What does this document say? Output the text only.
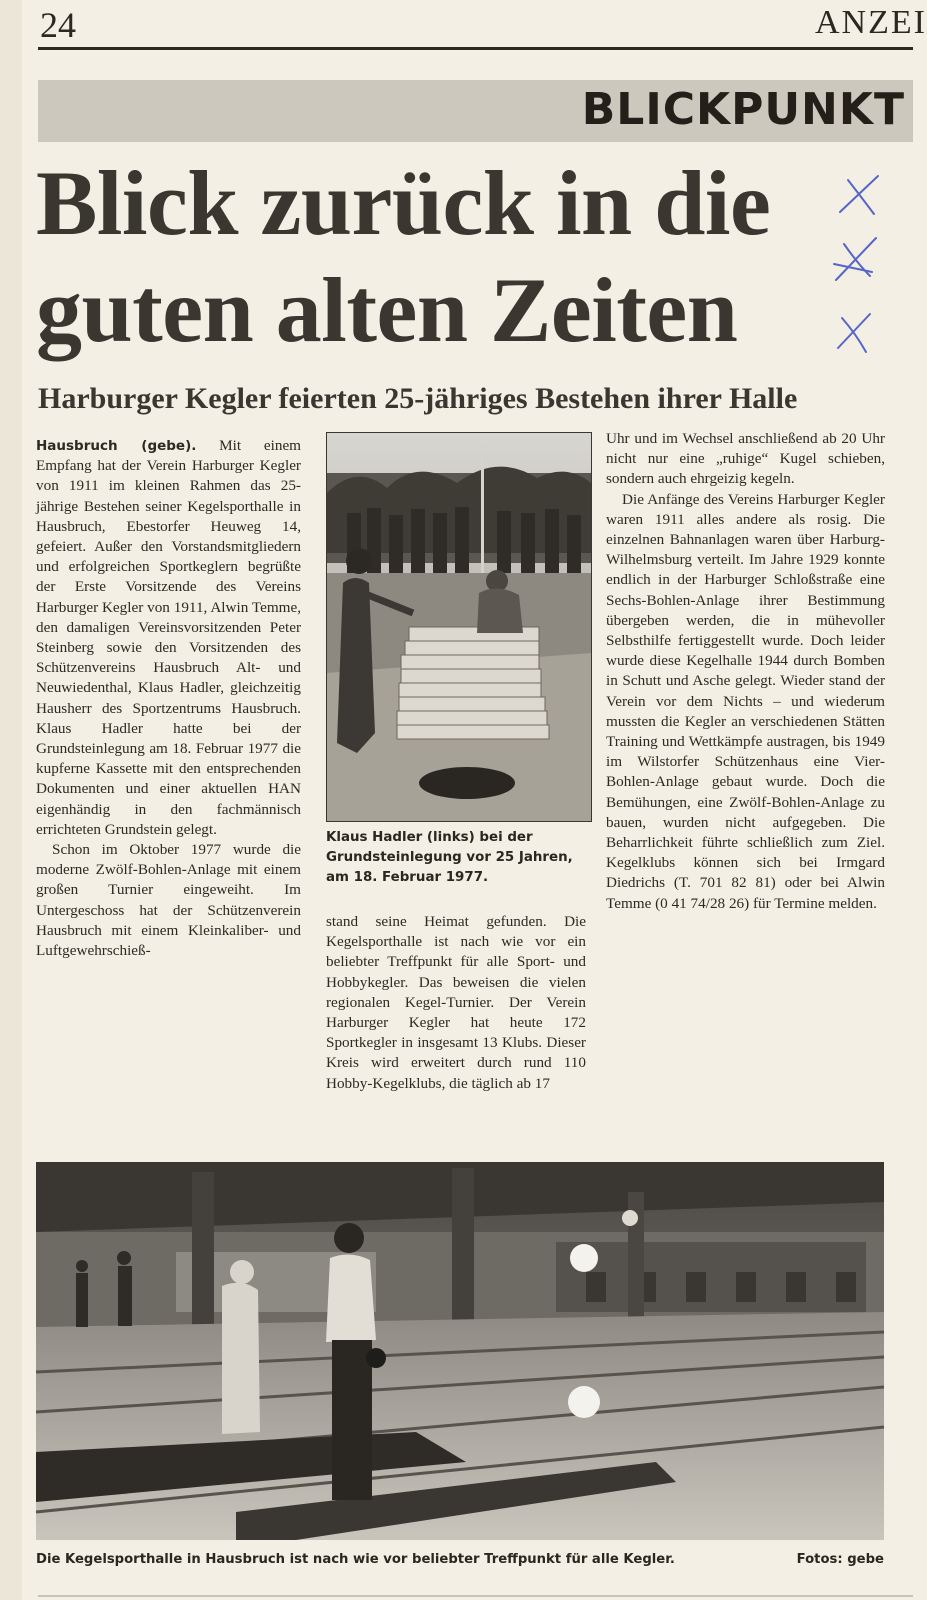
24	ANZEI
BLICKPUNKT
Blick zurück in die guten alten Zeiten
Harburger Kegler feierten 25-jähriges Bestehen ihrer Halle

Hausbruch (gebe). Mit einem Empfang hat der Verein Harburger Kegler von 1911 im kleinen Rahmen das 25-jährige Bestehen seiner Kegelsporthalle in Hausbruch, Ebestorfer Heuweg 14, gefeiert. Außer den Vorstandsmitgliedern und erfolgreichen Sportkeglern begrüßte der Erste Vorsitzende des Vereins Harburger Kegler von 1911, Alwin Temme, den damaligen Vereinsvorsitzenden Peter Steinberg sowie den Vorsitzenden des Schützenvereins Hausbruch Alt- und Neuwiedenthal, Klaus Hadler, gleichzeitig Hausherr des Sportzentrums Hausbruch. Klaus Hadler hatte bei der Grundsteinlegung am 18. Februar 1977 die kupferne Kassette mit den entsprechenden Dokumenten und einer aktuellen HAN eigenhändig in den fachmännisch errichteten Grundstein gelegt.

Schon im Oktober 1977 wurde die moderne Zwölf-Bohlen-Anlage mit einem großen Turnier eingeweiht. Im Untergeschoss hat der Schützenverein Hausbruch mit einem Kleinkaliber- und Luftgewehrschieß-

Klaus Hadler (links) bei der Grundsteinlegung vor 25 Jahren, am 18. Februar 1977.

stand seine Heimat gefunden. Die Kegelsporthalle ist nach wie vor ein beliebter Treffpunkt für alle Sport- und Hobbykegler. Das beweisen die vielen regionalen Kegel-Turnier. Der Verein Harburger Kegler hat heute 172 Sportkegler in insgesamt 13 Klubs. Dieser Kreis wird erweitert durch rund 110 Hobby-Kegelklubs, die täglich ab 17

Uhr und im Wechsel anschließend ab 20 Uhr nicht nur eine „ruhige“ Kugel schieben, sondern auch ehrgeizig kegeln.

Die Anfänge des Vereins Harburger Kegler waren 1911 alles andere als rosig. Die einzelnen Bahnanlagen waren über Harburg-Wilhelmsburg verteilt. Im Jahre 1929 konnte endlich in der Harburger Schloßstraße eine Sechs-Bohlen-Anlage ihrer Bestimmung übergeben werden, die in mühevoller Selbsthilfe fertiggestellt wurde. Doch leider wurde diese Kegelhalle 1944 durch Bomben in Schutt und Asche gelegt. Wieder stand der Verein vor dem Nichts – und wiederum mussten die Kegler an verschiedenen Stätten Training und Wettkämpfe austragen, bis 1949 im Wilstorfer Schützenhaus eine Vier-Bohlen-Anlage gebaut wurde. Doch die Bemühungen, eine Zwölf-Bohlen-Anlage zu bauen, wurden nicht aufgegeben. Die Beharrlichkeit führte schließlich zum Ziel. Kegelklubs können sich bei Irmgard Diedrichs (T. 701 82 81) oder bei Alwin Temme (0 41 74/28 26) für Termine melden.

Die Kegelsporthalle in Hausbruch ist nach wie vor beliebter Treffpunkt für alle Kegler.	Fotos: gebe
